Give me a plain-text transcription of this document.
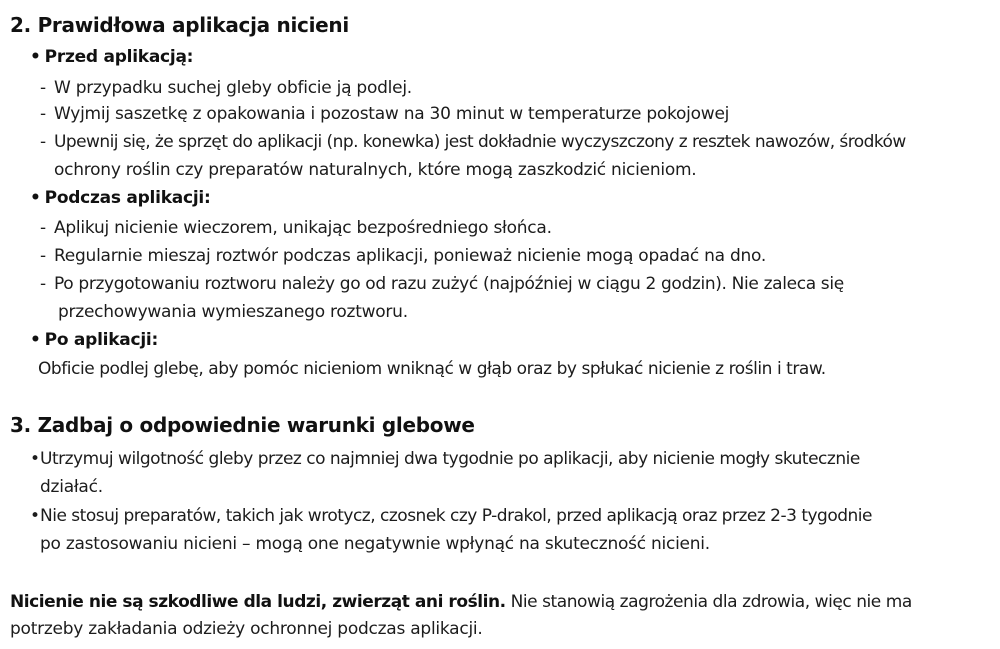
2. Prawidłowa aplikacja nicieni
• Przed aplikacją:
- W przypadku suchej gleby obficie ją podlej.
- Wyjmij saszetkę z opakowania i pozostaw na 30 minut w temperaturze pokojowej
- Upewnij się, że sprzęt do aplikacji (np. konewka) jest dokładnie wyczyszczony z resztek nawozów, środków
ochrony roślin czy preparatów naturalnych, które mogą zaszkodzić nicieniom.
• Podczas aplikacji:
- Aplikuj nicienie wieczorem, unikając bezpośredniego słońca.
- Regularnie mieszaj roztwór podczas aplikacji, ponieważ nicienie mogą opadać na dno.
- Po przygotowaniu roztworu należy go od razu zużyć (najpóźniej w ciągu 2 godzin). Nie zaleca się
przechowywania wymieszanego roztworu.
• Po aplikacji:
Obficie podlej glebę, aby pomóc nicieniom wniknąć w głąb oraz by spłukać nicienie z roślin i traw.
3. Zadbaj o odpowiednie warunki glebowe
•Utrzymuj wilgotność gleby przez co najmniej dwa tygodnie po aplikacji, aby nicienie mogły skutecznie
działać.
•Nie stosuj preparatów, takich jak wrotycz, czosnek czy P-drakol, przed aplikacją oraz przez 2-3 tygodnie
po zastosowaniu nicieni – mogą one negatywnie wpłynąć na skuteczność nicieni.
Nicienie nie są szkodliwe dla ludzi, zwierząt ani roślin. Nie stanowią zagrożenia dla zdrowia, więc nie ma
potrzeby zakładania odzieży ochronnej podczas aplikacji.
